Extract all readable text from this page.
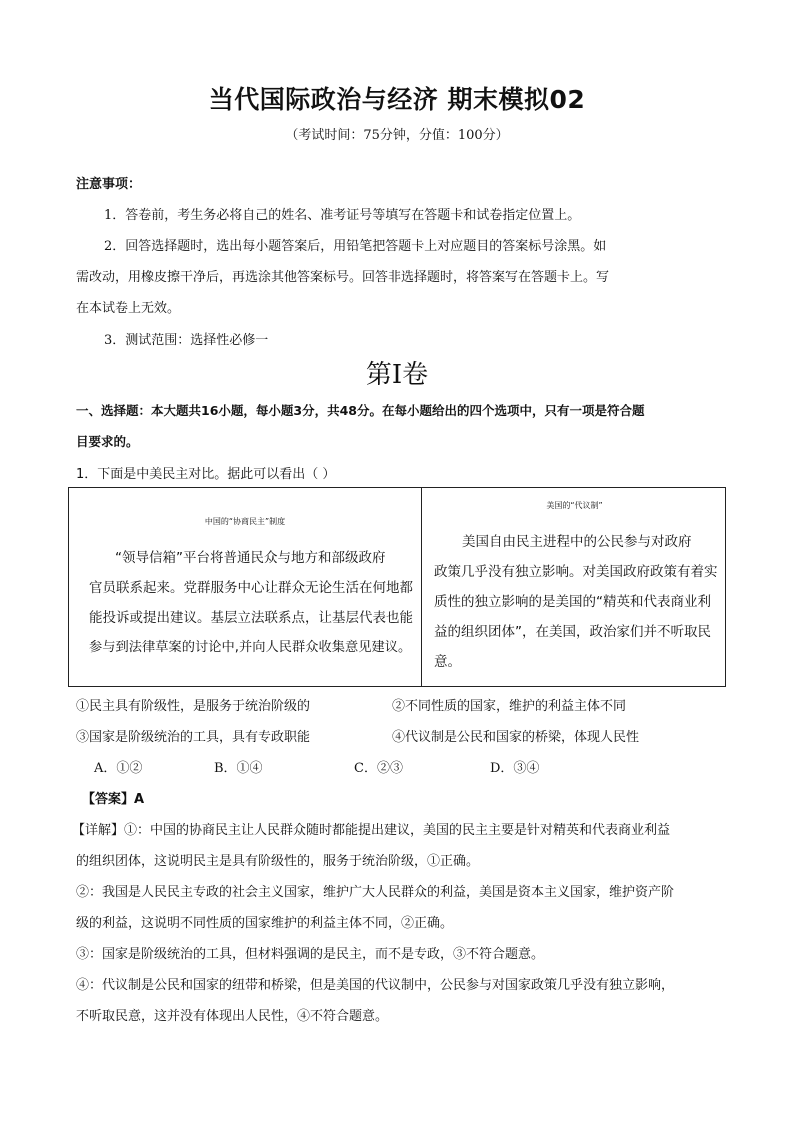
当代国际政治与经济 期末模拟02
（考试时间：75分钟，分值：100分）
注意事项：
1．答卷前，考生务必将自己的姓名、准考证号等填写在答题卡和试卷指定位置上。
2．回答选择题时，选出每小题答案后，用铅笔把答题卡上对应题目的答案标号涂黑。如
需改动，用橡皮擦干净后，再选涂其他答案标号。回答非选择题时，将答案写在答题卡上。写
在本试卷上无效。
3．测试范围：选择性必修一
第I卷
一、选择题：本大题共16小题，每小题3分，共48分。在每小题给出的四个选项中，只有一项是符合题
目要求的。
1．下面是中美民主对比。据此可以看出（ ）
中国的“协商民主”制度
“领导信箱”平台将普通民众与地方和部级政府
官员联系起来。党群服务中心让群众无论生活在何地都
能投诉或提出建议。基层立法联系点，让基层代表也能
参与到法律草案的讨论中,并向人民群众收集意见建议。

美国的“代议制”
美国自由民主进程中的公民参与对政府
政策几乎没有独立影响。对美国政府政策有着实
质性的独立影响的是美国的“精英和代表商业利
益的组织团体”，在美国，政治家们并不听取民
意。
①民主具有阶级性，是服务于统治阶级的	②不同性质的国家，维护的利益主体不同
③国家是阶级统治的工具，具有专政职能	④代议制是公民和国家的桥梁，体现人民性
A．①②	B．①④	C．②③	D．③④
【答案】A
【详解】①：中国的协商民主让人民群众随时都能提出建议，美国的民主主要是针对精英和代表商业利益
的组织团体，这说明民主是具有阶级性的，服务于统治阶级，①正确。
②：我国是人民民主专政的社会主义国家，维护广大人民群众的利益，美国是资本主义国家，维护资产阶
级的利益，这说明不同性质的国家维护的利益主体不同，②正确。
③：国家是阶级统治的工具，但材料强调的是民主，而不是专政，③不符合题意。
④：代议制是公民和国家的纽带和桥梁，但是美国的代议制中，公民参与对国家政策几乎没有独立影响，
不听取民意，这并没有体现出人民性，④不符合题意。
